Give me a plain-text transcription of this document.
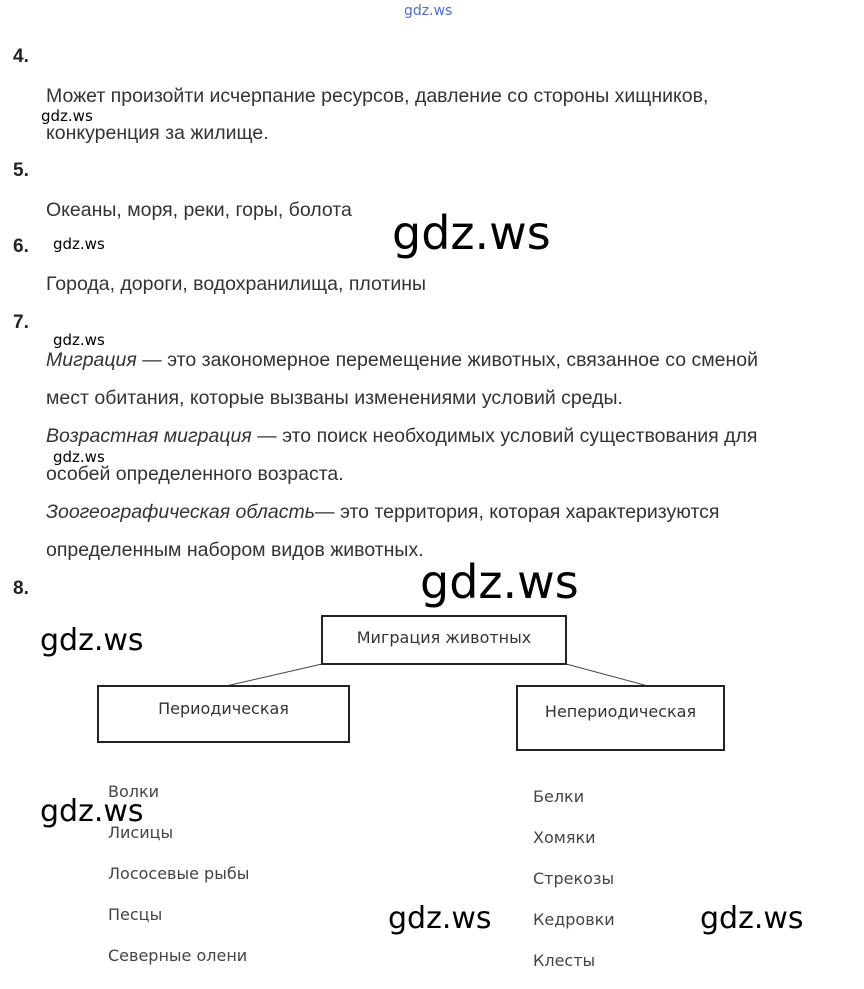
gdz.ws
4.
Может произойти исчерпание ресурсов, давление со стороны хищников,
gdz.ws
конкуренция за жилище.
5.
Океаны, моря, реки, горы, болота gdz.ws
6. gdz.ws
Города, дороги, водохранилища, плотины
7.
gdz.ws
Миграция — это закономерное перемещение животных, связанное со сменой
мест обитания, которые вызваны изменениями условий среды.
Возрастная миграция — это поиск необходимых условий существования для
gdz.ws
особей определенного возраста.
Зоогеографическая область— это территория, которая характеризуются
определенным набором видов животных.
gdz.ws
8.
gdz.ws	Миграция животных
Периодическая	Непериодическая
Волки
Лисицы
Лососевые рыбы
Песцы
Северные олени
Белки
Хомяки
Стрекозы
Кедровки
Клесты
gdz.ws
gdz.ws	gdz.ws
